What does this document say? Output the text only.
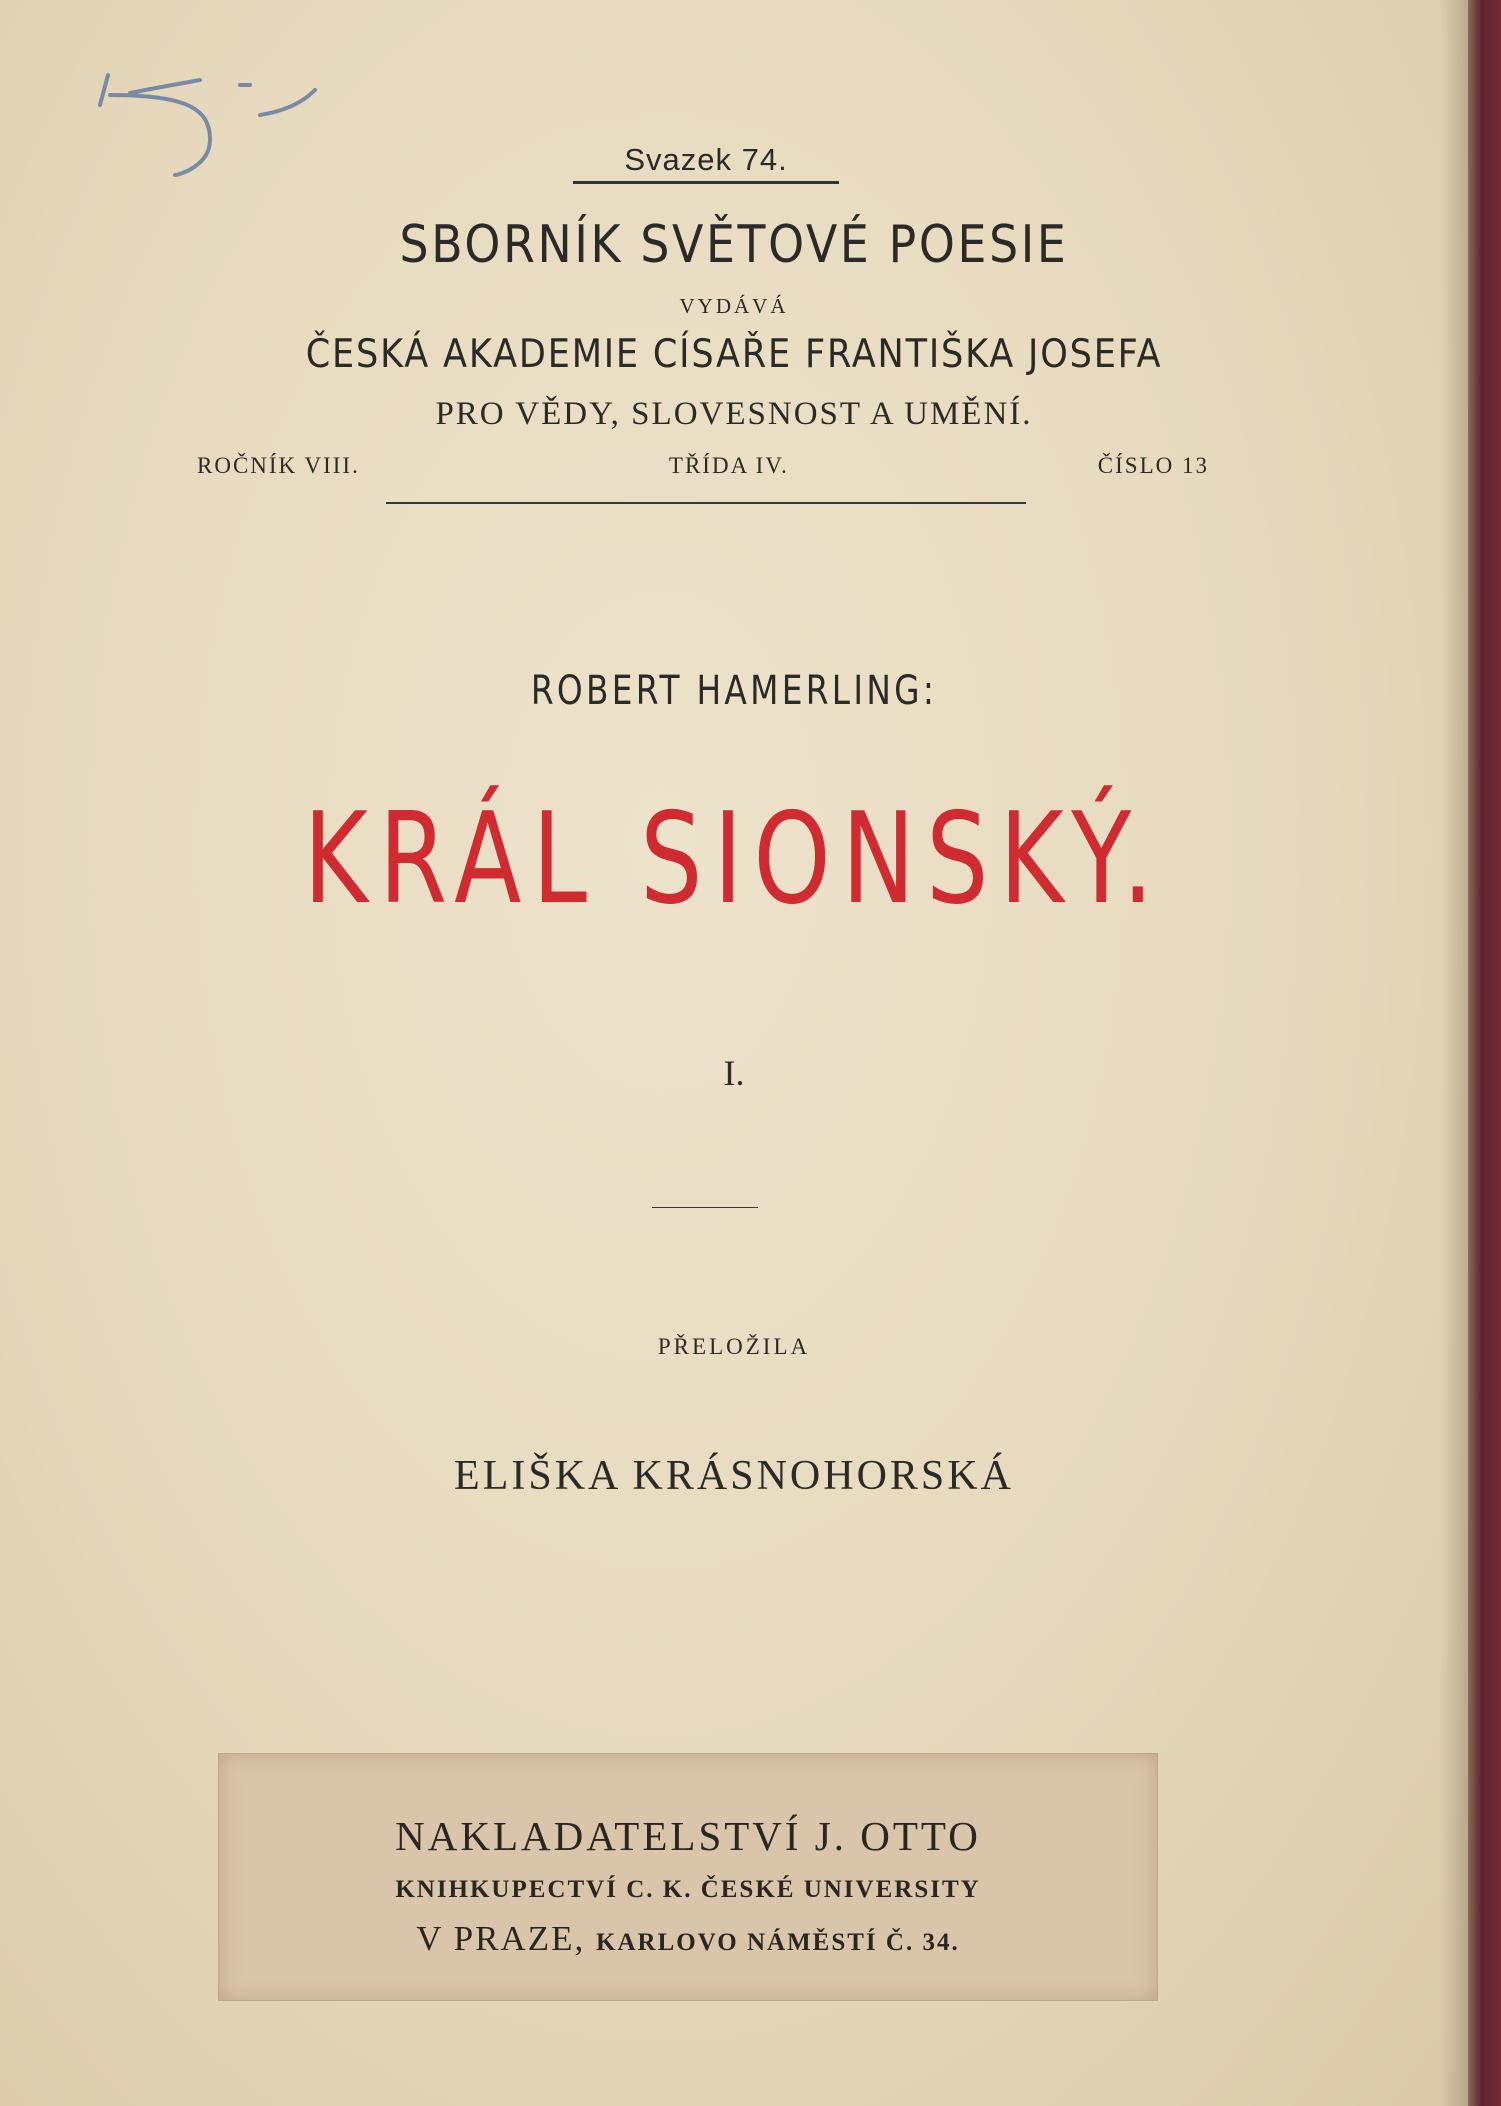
Svazek 74.
SBORNÍK SVĚTOVÉ POESIE
VYDÁVÁ
ČESKÁ AKADEMIE CÍSAŘE FRANTIŠKA JOSEFA
PRO VĚDY, SLOVESNOST A UMĚNÍ.
ROČNÍK VIII.	TŘÍDA IV.	ČÍSLO 13
ROBERT HAMERLING:
KRÁL SIONSKÝ.
I.
PŘELOŽILA
ELIŠKA KRÁSNOHORSKÁ
NAKLADATELSTVÍ J. OTTO
KNIHKUPECTVÍ C. K. ČESKÉ UNIVERSITY
V PRAZE, KARLOVO NÁMĚSTÍ Č. 34.
